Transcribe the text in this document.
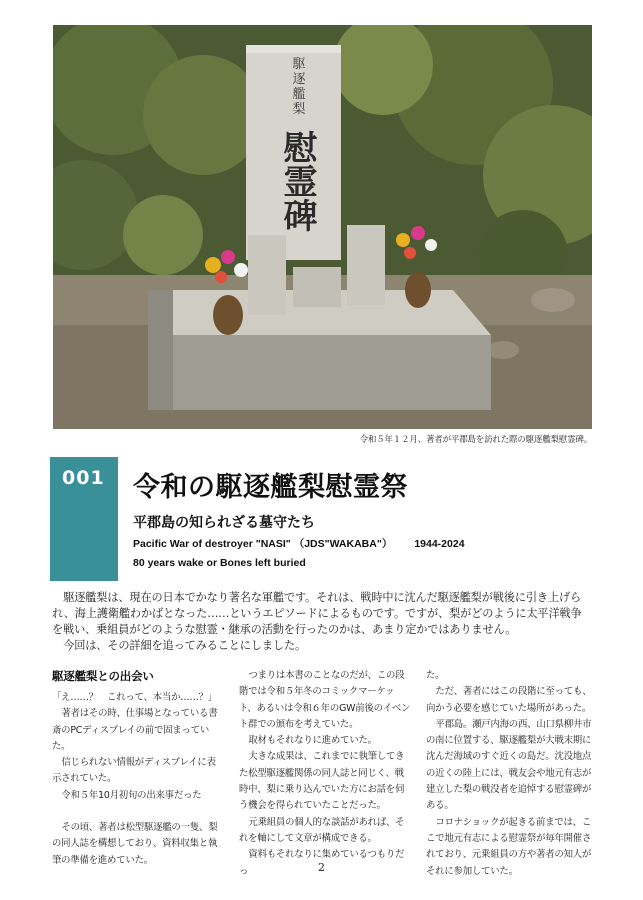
駆逐艦梨
慰霊碑
令和５年１２月、著者が平郡島を訪れた際の駆逐艦梨慰霊碑。
001 令和の駆逐艦梨慰霊祭
平郡島の知られざる墓守たち
Pacific War of destroyer "NASI" （JDS"WAKABA"） 1944-2024
80 years wake or Bones left buried

駆逐艦梨は、現在の日本でかなり著名な軍艦です。それは、戦時中に沈んだ駆逐艦梨が戦後に引き上げられ、海上護衛艦わかばとなった……というエピソードによるものです。ですが、梨がどのように太平洋戦争を戦い、乗組員がどのような慰霊・継承の活動を行ったのかは、あまり定かではありません。

今回は、その詳細を追ってみることにしました。

駆逐艦梨との出会い

「え……？　これって、本当か……？」

著者はその時、仕事場となっている書斎のPCディスプレイの前で固まっていた。

信じられない情報がディスプレイに表示されていた。

令和５年10月初旬の出来事だった

その頃、著者は松型駆逐艦の一隻、梨の同人誌を構想しており、資料収集と執筆の準備を進めていた。

つまりは本書のことなのだが、この段階では令和５年冬のコミックマーケット、あるいは令和６年のGW前後のイベント群での頒布を考えていた。

取材もそれなりに進めていた。

大きな成果は、これまでに執筆してきた松型駆逐艦関係の同人誌と同じく、戦時中、梨に乗り込んでいた方にお話を伺う機会を得られていたことだった。

元乗組員の個人的な談話があれば、それを軸にして文章が構成できる。

資料もそれなりに集めているつもりだっ

た。

ただ、著者にはこの段階に至っても、向かう必要を感じていた場所があった。

平郡島。瀬戸内海の西、山口県柳井市の南に位置する、駆逐艦梨が大戦末期に沈んだ海域のすぐ近くの島だ。沈没地点の近くの陸上には、戦友会や地元有志が建立した梨の戦没者を追悼する慰霊碑がある。

コロナショックが起きる前までは、ここで地元有志による慰霊祭が毎年開催されており、元乗組員の方や著者の知人がそれに参加していた。

2
